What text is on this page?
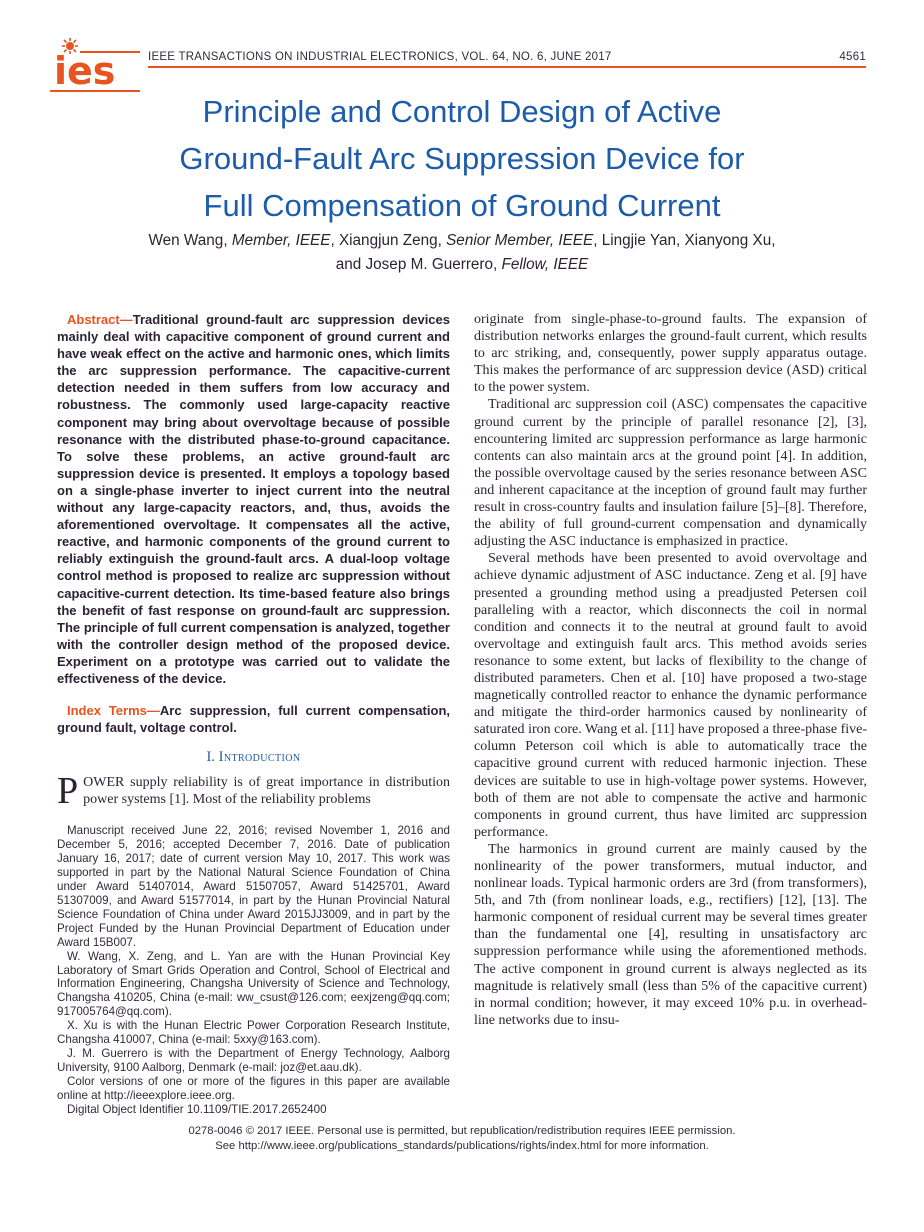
ies	IEEE TRANSACTIONS ON INDUSTRIAL ELECTRONICS, VOL. 64, NO. 6, JUNE 2017	4561
Principle and Control Design of Active
Ground-Fault Arc Suppression Device for
Full Compensation of Ground Current
Wen Wang, Member, IEEE, Xiangjun Zeng, Senior Member, IEEE, Lingjie Yan, Xianyong Xu,
and Josep M. Guerrero, Fellow, IEEE

Abstract—Traditional ground-fault arc suppression devices mainly deal with capacitive component of ground current and have weak effect on the active and harmonic ones, which limits the arc suppression performance. The capacitive-current detection needed in them suffers from low accuracy and robustness. The commonly used large-capacity reactive component may bring about overvoltage because of possible resonance with the distributed phase-to-ground capacitance. To solve these problems, an active ground-fault arc suppression device is presented. It employs a topology based on a single-phase inverter to inject current into the neutral without any large-capacity reactors, and, thus, avoids the aforementioned overvoltage. It compensates all the active, reactive, and harmonic components of the ground current to reliably extinguish the ground-fault arcs. A dual-loop voltage control method is proposed to realize arc suppression without capacitive-current detection. Its time-based feature also brings the benefit of fast response on ground-fault arc suppression. The principle of full current compensation is analyzed, together with the controller design method of the proposed device. Experiment on a prototype was carried out to validate the effectiveness of the device.

Index Terms—Arc suppression, full current compensation, ground fault, voltage control.

I. Introduction

POWER supply reliability is of great importance in distribution power systems [1]. Most of the reliability problems

Manuscript received June 22, 2016; revised November 1, 2016 and December 5, 2016; accepted December 7, 2016. Date of publication January 16, 2017; date of current version May 10, 2017. This work was supported in part by the National Natural Science Foundation of China under Award 51407014, Award 51507057, Award 51425701, Award 51307009, and Award 51577014, in part by the Hunan Provincial Natural Science Foundation of China under Award 2015JJ3009, and in part by the Project Funded by the Hunan Provincial Department of Education under Award 15B007.

W. Wang, X. Zeng, and L. Yan are with the Hunan Provincial Key Laboratory of Smart Grids Operation and Control, School of Electrical and Information Engineering, Changsha University of Science and Technology, Changsha 410205, China (e-mail: ww_csust@126.com; eexjzeng@qq.com; 917005764@qq.com).

X. Xu is with the Hunan Electric Power Corporation Research Institute, Changsha 410007, China (e-mail: 5xxy@163.com).

J. M. Guerrero is with the Department of Energy Technology, Aalborg University, 9100 Aalborg, Denmark (e-mail: joz@et.aau.dk).

Color versions of one or more of the figures in this paper are available online at http://ieeexplore.ieee.org.

Digital Object Identifier 10.1109/TIE.2017.2652400

originate from single-phase-to-ground faults. The expansion of distribution networks enlarges the ground-fault current, which results to arc striking, and, consequently, power supply apparatus outage. This makes the performance of arc suppression device (ASD) critical to the power system.

Traditional arc suppression coil (ASC) compensates the capacitive ground current by the principle of parallel resonance [2], [3], encountering limited arc suppression performance as large harmonic contents can also maintain arcs at the ground point [4]. In addition, the possible overvoltage caused by the series resonance between ASC and inherent capacitance at the inception of ground fault may further result in cross-country faults and insulation failure [5]–[8]. Therefore, the ability of full ground-current compensation and dynamically adjusting the ASC inductance is emphasized in practice.

Several methods have been presented to avoid overvoltage and achieve dynamic adjustment of ASC inductance. Zeng et al. [9] have presented a grounding method using a preadjusted Petersen coil paralleling with a reactor, which disconnects the coil in normal condition and connects it to the neutral at ground fault to avoid overvoltage and extinguish fault arcs. This method avoids series resonance to some extent, but lacks of flexibility to the change of distributed parameters. Chen et al. [10] have proposed a two-stage magnetically controlled reactor to enhance the dynamic performance and mitigate the third-order harmonics caused by nonlinearity of saturated iron core. Wang et al. [11] have proposed a three-phase five-column Peterson coil which is able to automatically trace the capacitive ground current with reduced harmonic injection. These devices are suitable to use in high-voltage power systems. However, both of them are not able to compensate the active and harmonic components in ground current, thus have limited arc suppression performance.

The harmonics in ground current are mainly caused by the nonlinearity of the power transformers, mutual inductor, and nonlinear loads. Typical harmonic orders are 3rd (from transformers), 5th, and 7th (from nonlinear loads, e.g., rectifiers) [12], [13]. The harmonic component of residual current may be several times greater than the fundamental one [4], resulting in unsatisfactory arc suppression performance while using the aforementioned methods. The active component in ground current is always neglected as its magnitude is relatively small (less than 5% of the capacitive current) in normal condition; however, it may exceed 10% p.u. in overhead-line networks due to insu-

0278-0046 © 2017 IEEE. Personal use is permitted, but republication/redistribution requires IEEE permission.
See http://www.ieee.org/publications_standards/publications/rights/index.html for more information.
